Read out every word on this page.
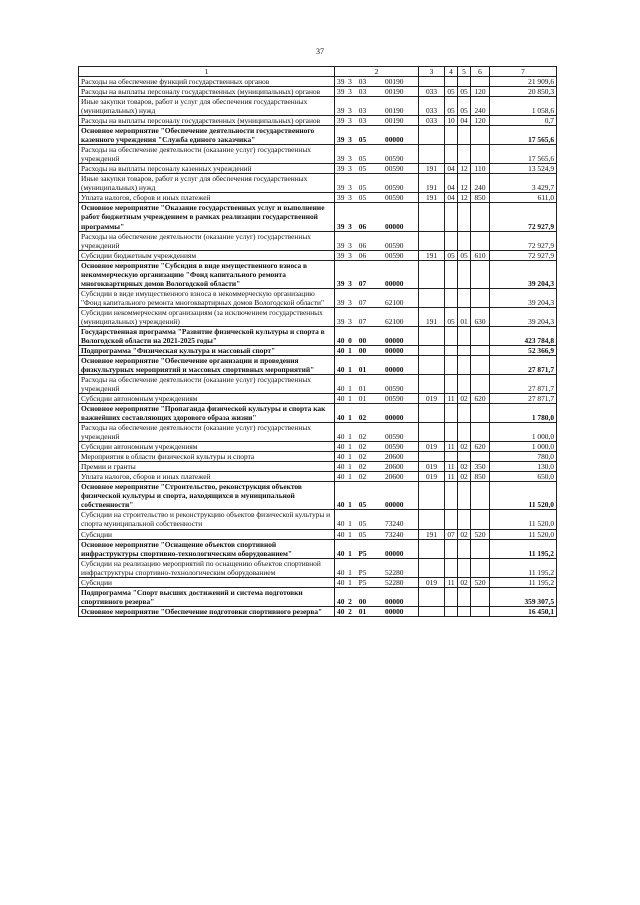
37
1	2				3	4	5	6	7
Расходы на обеспечение функций государственных органов	39	3	03	00190					21 909,6
Расходы на выплаты персоналу государственных (муниципальных) органов	39	3	03	00190	033	05	05	120	20 850,3
Иные закупки товаров, работ и услуг для обеспечения государственных (муниципальных) нужд	39	3	03	00190	033	05	05	240	1 058,6
Расходы на выплаты персоналу государственных (муниципальных) органов	39	3	03	00190	033	10	04	120	0,7
Основное мероприятие "Обеспечение деятельности государственного казенного учреждения "Служба единого заказчика"	39	3	05	00000					17 565,6
Расходы на обеспечение деятельности (оказание услуг) государственных учреждений	39	3	05	00590					17 565,6
Расходы на выплаты персоналу казенных учреждений	39	3	05	00590	191	04	12	110	13 524,9
Иные закупки товаров, работ и услуг для обеспечения государственных (муниципальных) нужд	39	3	05	00590	191	04	12	240	3 429,7
Уплата налогов, сборов и иных платежей	39	3	05	00590	191	04	12	850	611,0
Основное мероприятие "Оказание государственных услуг и выполнение работ бюджетным учреждением в рамках реализации государственной программы"	39	3	06	00000					72 927,9
Расходы на обеспечение деятельности (оказание услуг) государственных учреждений	39	3	06	00590					72 927,9
Субсидии бюджетным учреждениям	39	3	06	00590	191	05	05	610	72 927,9
Основное мероприятие "Субсидия в виде имущественного взноса в некоммерческую организацию "Фонд капитального ремонта многоквартирных домов Вологодской области"	39	3	07	00000					39 204,3
Субсидии в виде имущественного взноса в некоммерческую организацию "Фонд капитального ремонта многоквартирных домов Вологодской области"	39	3	07	62100					39 204,3
Субсидии некоммерческим организациям (за исключением государственных (муниципальных) учреждений)	39	3	07	62100	191	05	01	630	39 204,3
Государственная программа "Развитие физической культуры и спорта в Вологодской области на 2021-2025 годы"	40	0	00	00000					423 784,8
Подпрограмма "Физическая культура и массовый спорт"	40	1	00	00000					52 366,9
Основное мероприятие "Обеспечение организации и проведения физкультурных мероприятий и массовых спортивных мероприятий"	40	1	01	00000					27 871,7
Расходы на обеспечение деятельности (оказание услуг) государственных учреждений	40	1	01	00590					27 871,7
Субсидии автономным учреждениям	40	1	01	00590	019	11	02	620	27 871,7
Основное мероприятие "Пропаганда физической культуры и спорта как важнейших составляющих здорового образа жизни"	40	1	02	00000					1 780,0
Расходы на обеспечение деятельности (оказание услуг) государственных учреждений	40	1	02	00590					1 000,0
Субсидии автономным учреждениям	40	1	02	00590	019	11	02	620	1 000,0
Мероприятия в области физической культуры и спорта	40	1	02	20600					780,0
Премии и гранты	40	1	02	20600	019	11	02	350	130,0
Уплата налогов, сборов и иных платежей	40	1	02	20600	019	11	02	850	650,0
Основное мероприятие "Строительство, реконструкция объектов физической культуры и спорта, находящихся в муниципальной собственности"	40	1	05	00000					11 520,0
Субсидии на строительство и реконструкцию объектов физической культуры и спорта муниципальной собственности	40	1	05	73240					11 520,0
Субсидии	40	1	05	73240	191	07	02	520	11 520,0
Основное мероприятие "Оснащение объектов спортивной инфраструктуры спортивно-технологическим оборудованием"	40	1	P5	00000					11 195,2
Субсидии на реализацию мероприятий по оснащению объектов спортивной инфраструктуры спортивно-технологическим оборудованием	40	1	P5	52280					11 195,2
Субсидии	40	1	P5	52280	019	11	02	520	11 195,2
Подпрограмма "Спорт высших достижений и система подготовки спортивного резерва"	40	2	00	00000					359 307,5
Основное мероприятие "Обеспечение подготовки спортивного резерва"	40	2	01	00000					16 450,1
